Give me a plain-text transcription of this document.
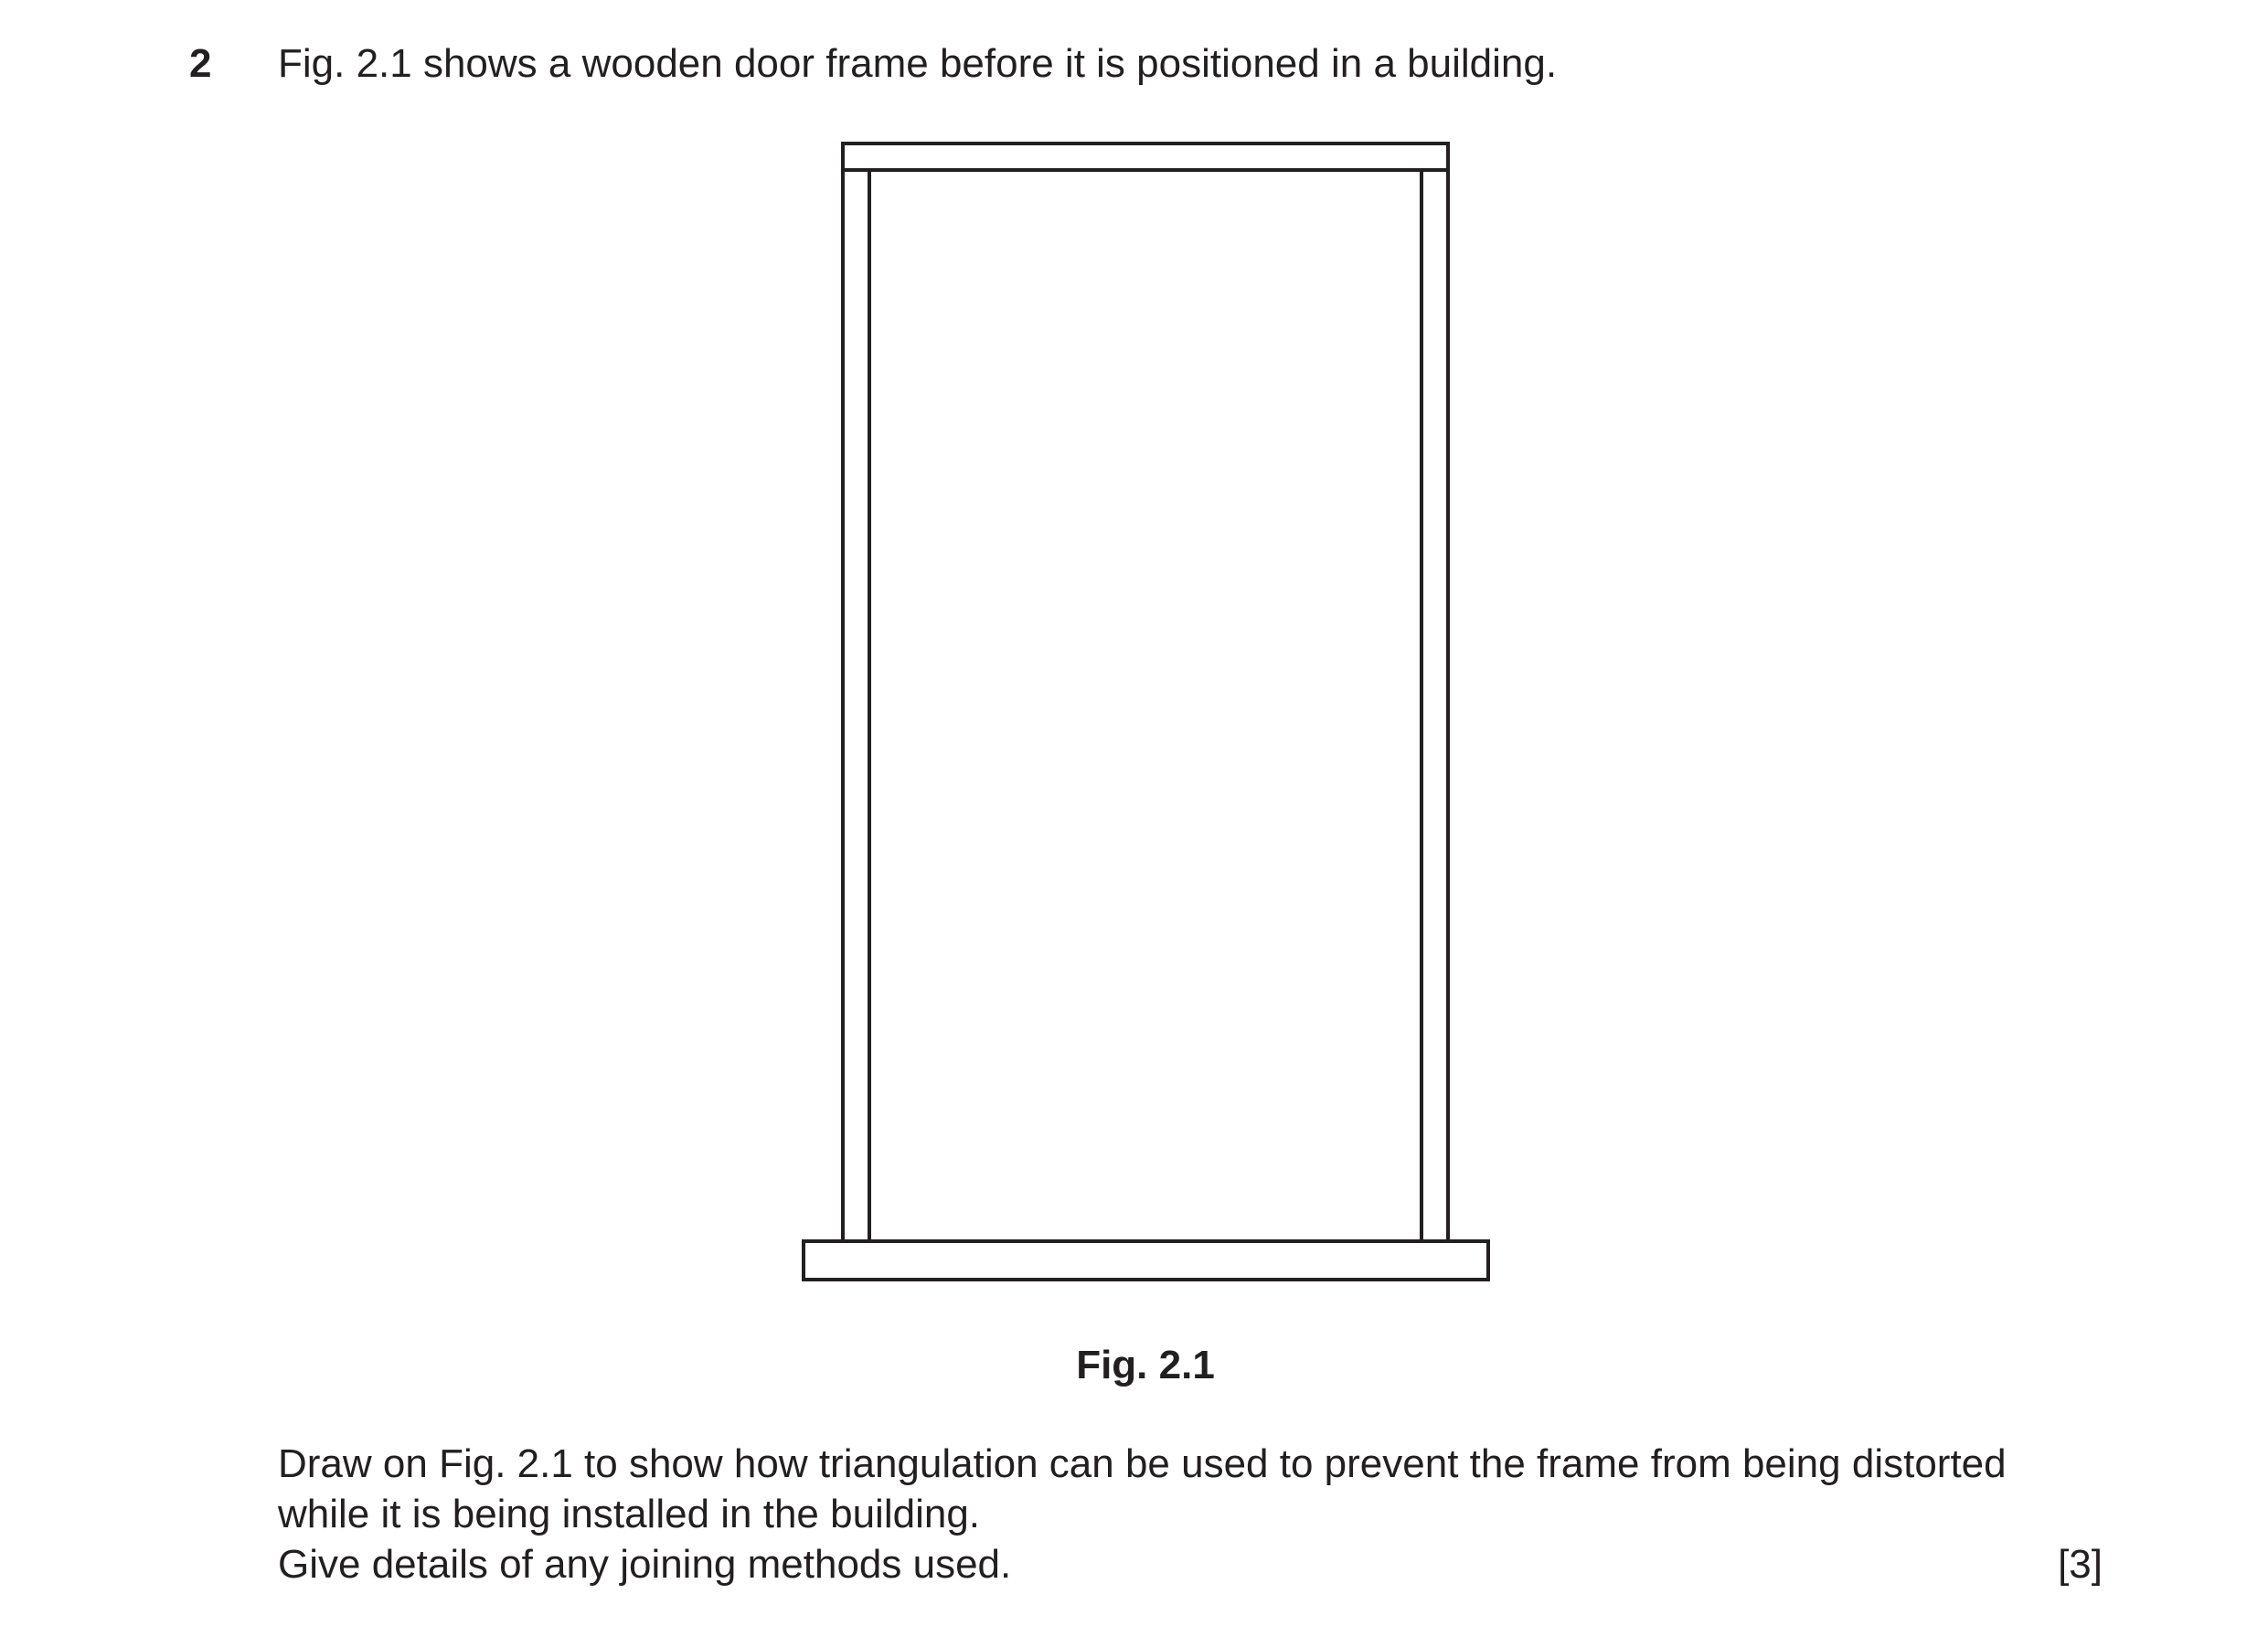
2 Fig. 2.1 shows a wooden door frame before it is positioned in a building.
Fig. 2.1
Draw on Fig. 2.1 to show how triangulation can be used to prevent the frame from being distorted
while it is being installed in the building.
Give details of any joining methods used.	[3]
